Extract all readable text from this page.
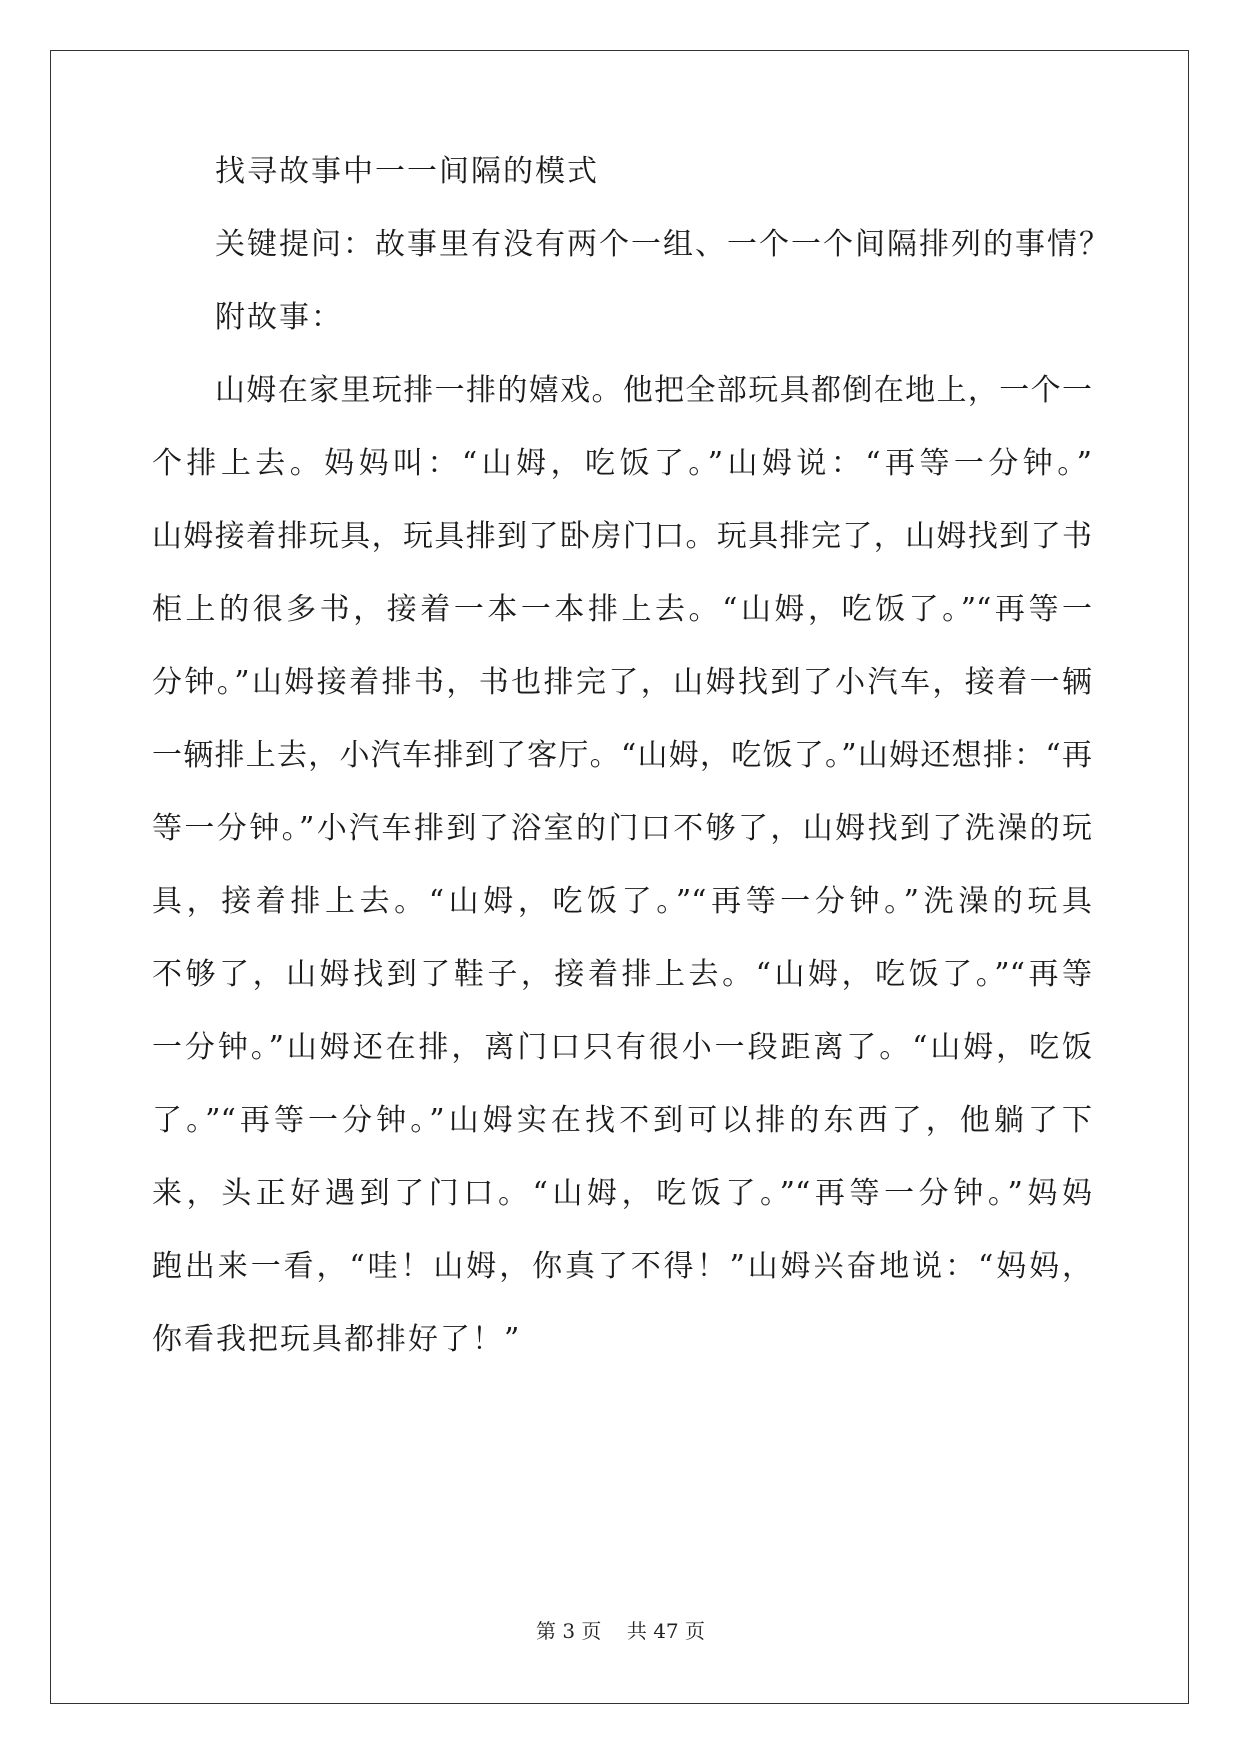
找寻故事中一一间隔的模式
关键提问：故事里有没有两个一组、一个一个间隔排列的事情？
附故事：
山姆在家里玩排一排的嬉戏。他把全部玩具都倒在地上，一个一
个排上去。妈妈叫：“山姆，吃饭了。”山姆说：“再等一分钟。”
山姆接着排玩具，玩具排到了卧房门口。玩具排完了，山姆找到了书
柜上的很多书，接着一本一本排上去。“山姆，吃饭了。”“再等一
分钟。”山姆接着排书，书也排完了，山姆找到了小汽车，接着一辆
一辆排上去，小汽车排到了客厅。“山姆，吃饭了。”山姆还想排：“再
等一分钟。”小汽车排到了浴室的门口不够了，山姆找到了洗澡的玩
具，接着排上去。“山姆，吃饭了。”“再等一分钟。”洗澡的玩具
不够了，山姆找到了鞋子，接着排上去。“山姆，吃饭了。”“再等
一分钟。”山姆还在排，离门口只有很小一段距离了。“山姆，吃饭
了。”“再等一分钟。”山姆实在找不到可以排的东西了，他躺了下
来，头正好遇到了门口。“山姆，吃饭了。”“再等一分钟。”妈妈
跑出来一看，“哇！山姆，你真了不得！”山姆兴奋地说：“妈妈，
你看我把玩具都排好了！”
第 3 页    共 47 页
